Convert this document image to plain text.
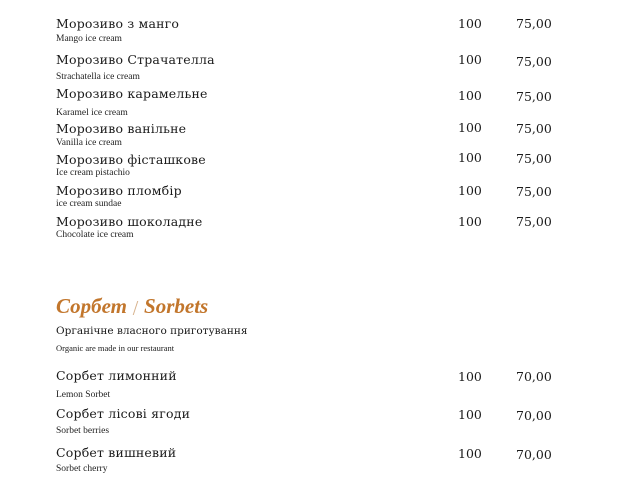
Морозиво з манго
Mango ice cream
100	75,00
Морозиво Страчателла
Strachatella ice cream
100	75,00
Морозиво карамельне
Karamel ice cream
100	75,00
Морозиво ванільне
Vanilla ice cream
100	75,00
Морозиво фісташкове
Ice cream pistachio
100	75,00
Морозиво пломбір
ice cream sundae
100	75,00
Морозиво шоколадне
Chocolate ice cream
100	75,00
Сорбет Sorbets
Органічне власного приготування
Organic are made in our restaurant
Сорбет лимонний
Lemon Sorbet
100	70,00
Сорбет лісові ягоди
Sorbet berries
100	70,00
Сорбет вишневий
Sorbet cherry
100	70,00
